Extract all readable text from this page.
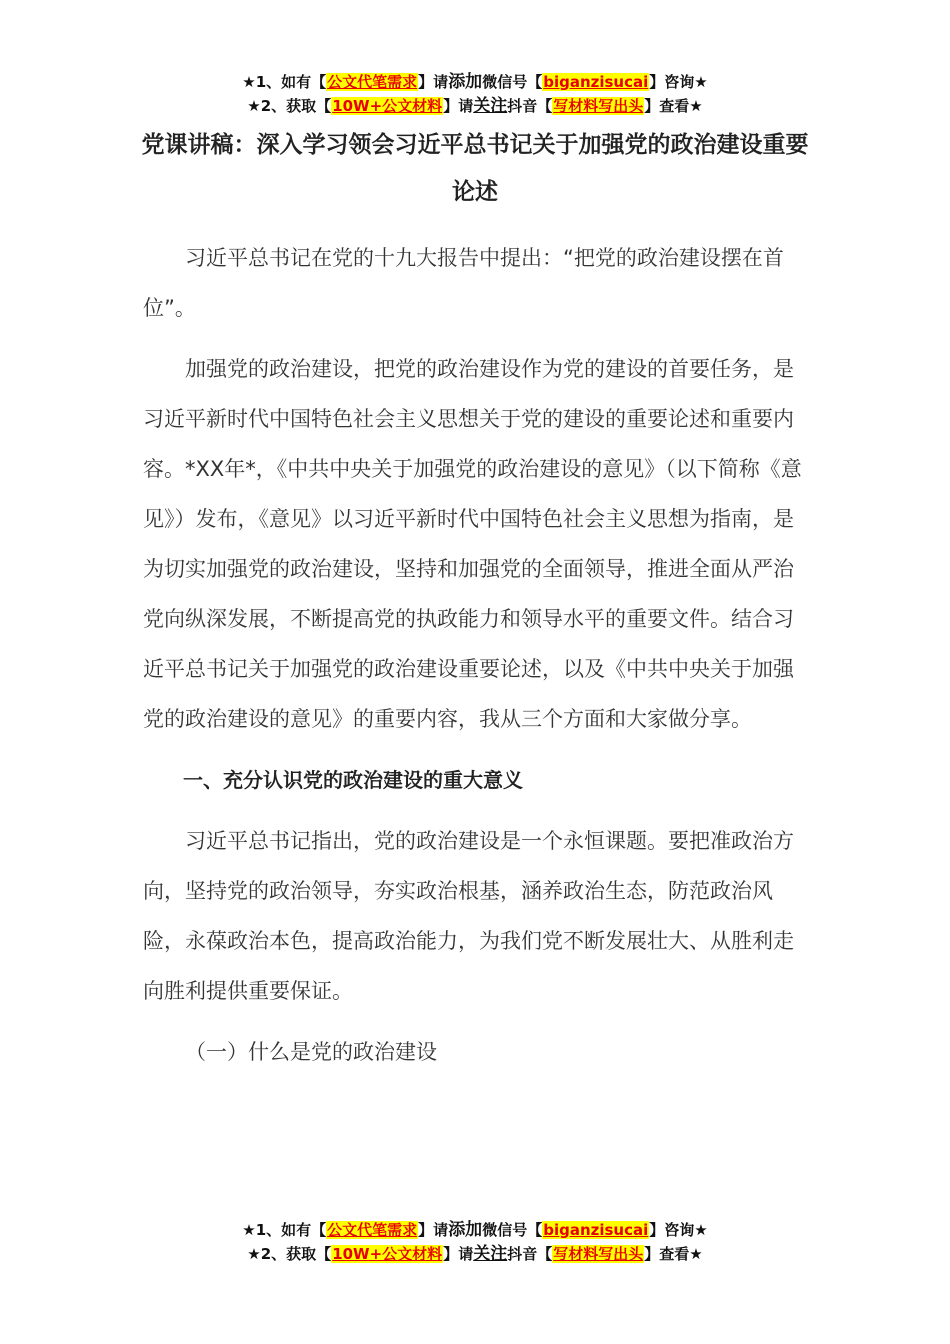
★1、如有【公文代笔需求】请添加微信号【biganzisucai】咨询★
★2、获取【10W+公文材料】请关注抖音【写材料写出头】查看★
党课讲稿：深入学习领会习近平总书记关于加强党的政治建设重要论述

习近平总书记在党的十九大报告中提出：“把党的政治建设摆在首位”。

加强党的政治建设，把党的政治建设作为党的建设的首要任务，是习近平新时代中国特色社会主义思想关于党的建设的重要论述和重要内容。*XX年*，《中共中央关于加强党的政治建设的意见》（以下简称《意见》）发布，《意见》以习近平新时代中国特色社会主义思想为指南，是为切实加强党的政治建设，坚持和加强党的全面领导，推进全面从严治党向纵深发展，不断提高党的执政能力和领导水平的重要文件。结合习近平总书记关于加强党的政治建设重要论述，以及《中共中央关于加强党的政治建设的意见》的重要内容，我从三个方面和大家做分享。

一、充分认识党的政治建设的重大意义

习近平总书记指出，党的政治建设是一个永恒课题。要把准政治方向，坚持党的政治领导，夯实政治根基，涵养政治生态，防范政治风险，永葆政治本色，提高政治能力，为我们党不断发展壮大、从胜利走向胜利提供重要保证。

（一）什么是党的政治建设

★1、如有【公文代笔需求】请添加微信号【biganzisucai】咨询★
★2、获取【10W+公文材料】请关注抖音【写材料写出头】查看★
